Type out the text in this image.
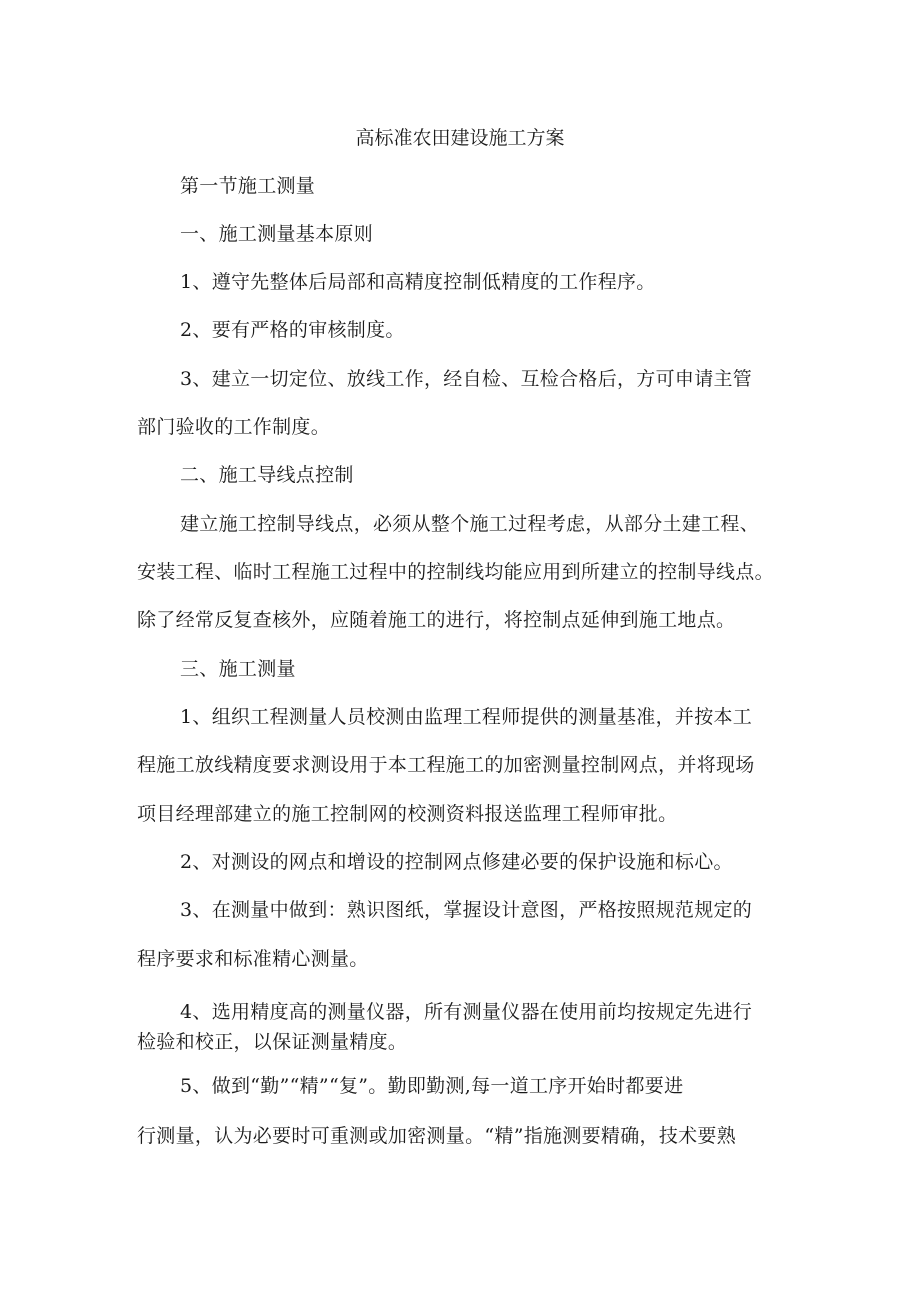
高标准农田建设施工方案
第一节施工测量
一、施工测量基本原则
1、遵守先整体后局部和高精度控制低精度的工作程序。
2、要有严格的审核制度。
3、建立一切定位、放线工作，经自检、互检合格后，方可申请主管
部门验收的工作制度。
二、施工导线点控制
建立施工控制导线点，必须从整个施工过程考虑，从部分土建工程、
安装工程、临时工程施工过程中的控制线均能应用到所建立的控制导线点。
除了经常反复查核外，应随着施工的进行，将控制点延伸到施工地点。
三、施工测量
1、组织工程测量人员校测由监理工程师提供的测量基准，并按本工
程施工放线精度要求测设用于本工程施工的加密测量控制网点，并将现场
项目经理部建立的施工控制网的校测资料报送监理工程师审批。
2、对测设的网点和增设的控制网点修建必要的保护设施和标心。
3、在测量中做到：熟识图纸，掌握设计意图，严格按照规范规定的
程序要求和标准精心测量。
4、选用精度高的测量仪器，所有测量仪器在使用前均按规定先进行
检验和校正，以保证测量精度。
5、做到“勤”“精”“复”。勤即勤测,每一道工序开始时都要进
行测量，认为必要时可重测或加密测量。“精”指施测要精确，技术要熟
